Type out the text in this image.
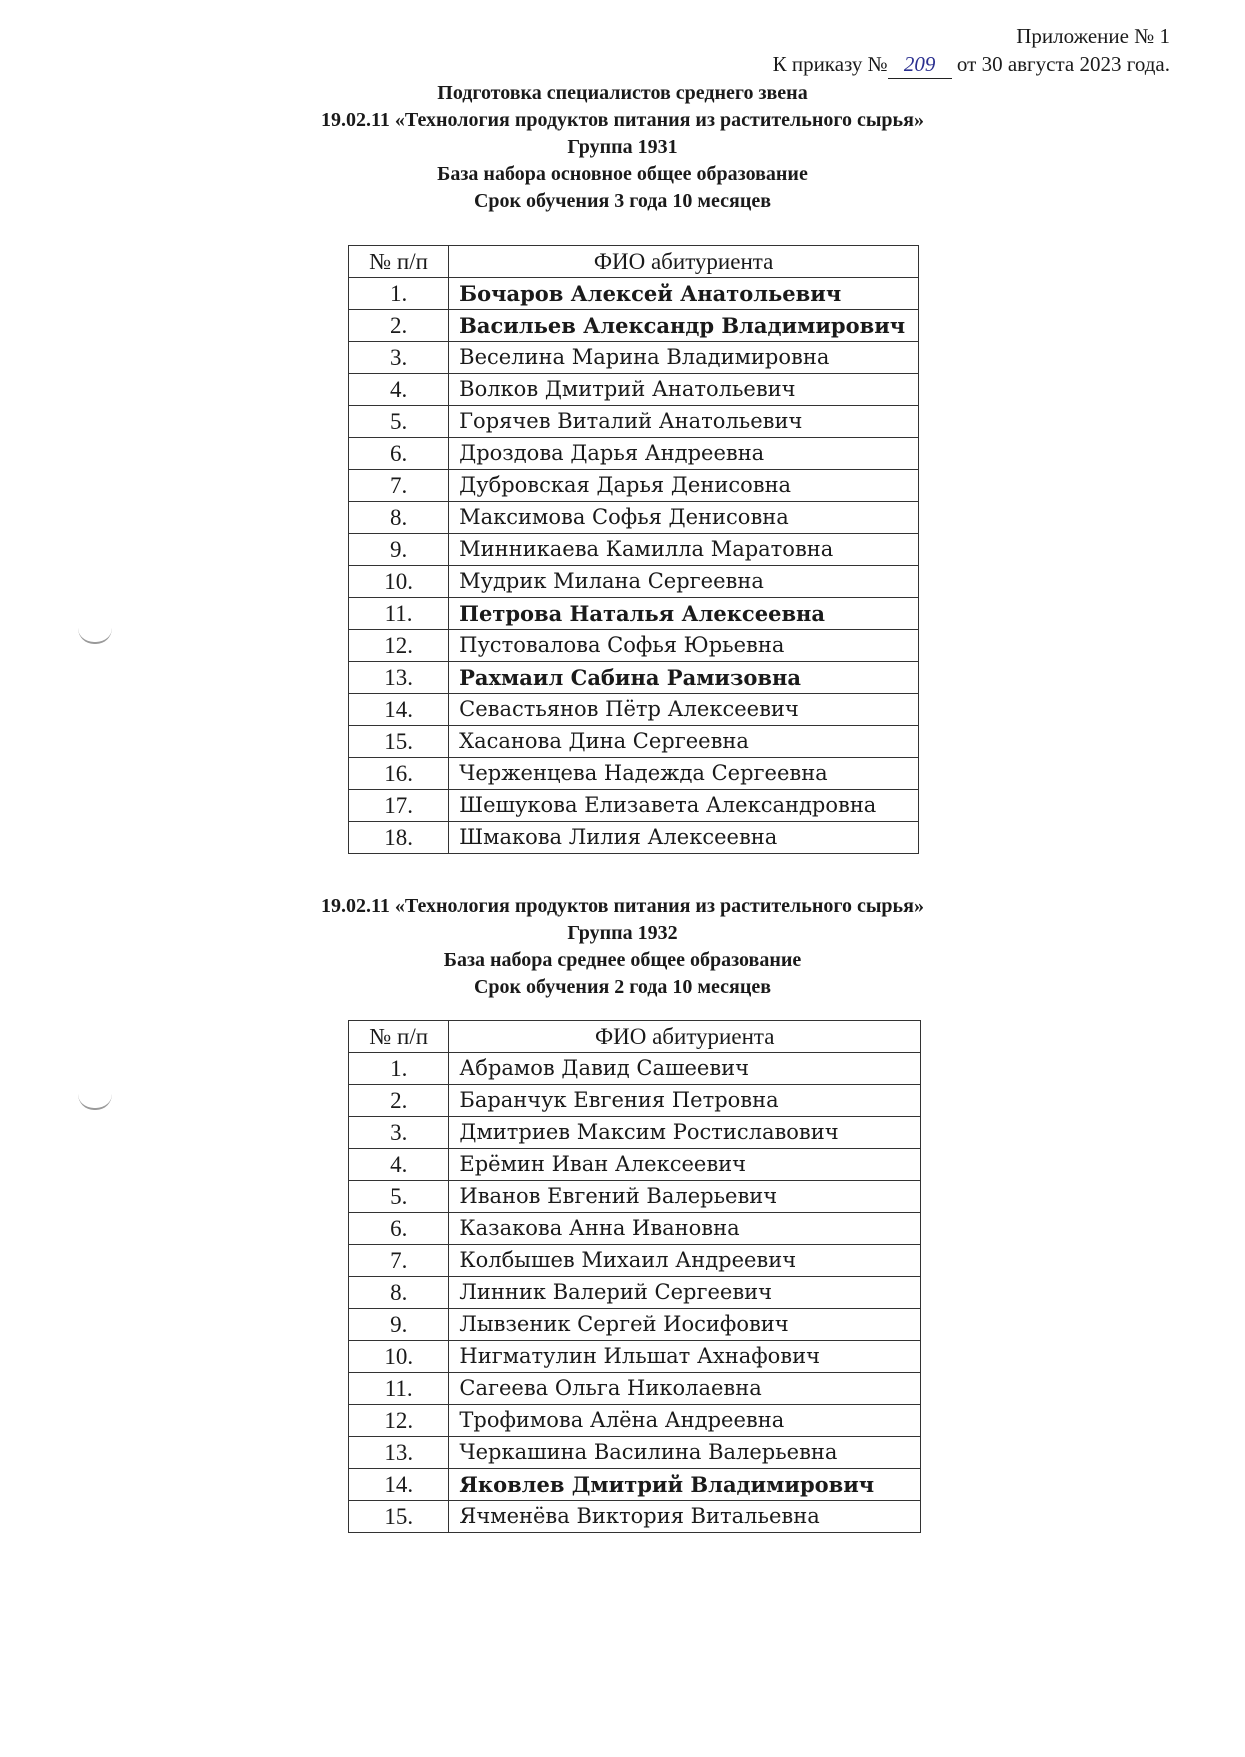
Приложение № 1
К приказу № 209 от 30 августа 2023 года.
Подготовка специалистов среднего звена
19.02.11 «Технология продуктов питания из растительного сырья»
Группа 1931
База набора основное общее образование
Срок обучения 3 года 10 месяцев
№ п/п	ФИО абитуриента
1.	Бочаров Алексей Анатольевич
2.	Васильев Александр Владимирович
3.	Веселина Марина Владимировна
4.	Волков Дмитрий Анатольевич
5.	Горячев Виталий Анатольевич
6.	Дроздова Дарья Андреевна
7.	Дубровская Дарья Денисовна
8.	Максимова Софья Денисовна
9.	Минникаева Камилла Маратовна
10.	Мудрик Милана Сергеевна
11.	Петрова Наталья Алексеевна
12.	Пустовалова Софья Юрьевна
13.	Рахмаил Сабина Рамизовна
14.	Севастьянов Пётр Алексеевич
15.	Хасанова Дина Сергеевна
16.	Черженцева Надежда Сергеевна
17.	Шешукова Елизавета Александровна
18.	Шмакова Лилия Алексеевна
19.02.11 «Технология продуктов питания из растительного сырья»
Группа 1932
База набора среднее общее образование
Срок обучения 2 года 10 месяцев
№ п/п	ФИО абитуриента
1.	Абрамов Давид Сашеевич
2.	Баранчук Евгения Петровна
3.	Дмитриев Максим Ростиславович
4.	Ерёмин Иван Алексеевич
5.	Иванов Евгений Валерьевич
6.	Казакова Анна Ивановна
7.	Колбышев Михаил Андреевич
8.	Линник Валерий Сергеевич
9.	Лывзеник Сергей Иосифович
10.	Нигматулин Ильшат Ахнафович
11.	Сагеева Ольга Николаевна
12.	Трофимова Алёна Андреевна
13.	Черкашина Василина Валерьевна
14.	Яковлев Дмитрий Владимирович
15.	Ячменёва Виктория Витальевна
